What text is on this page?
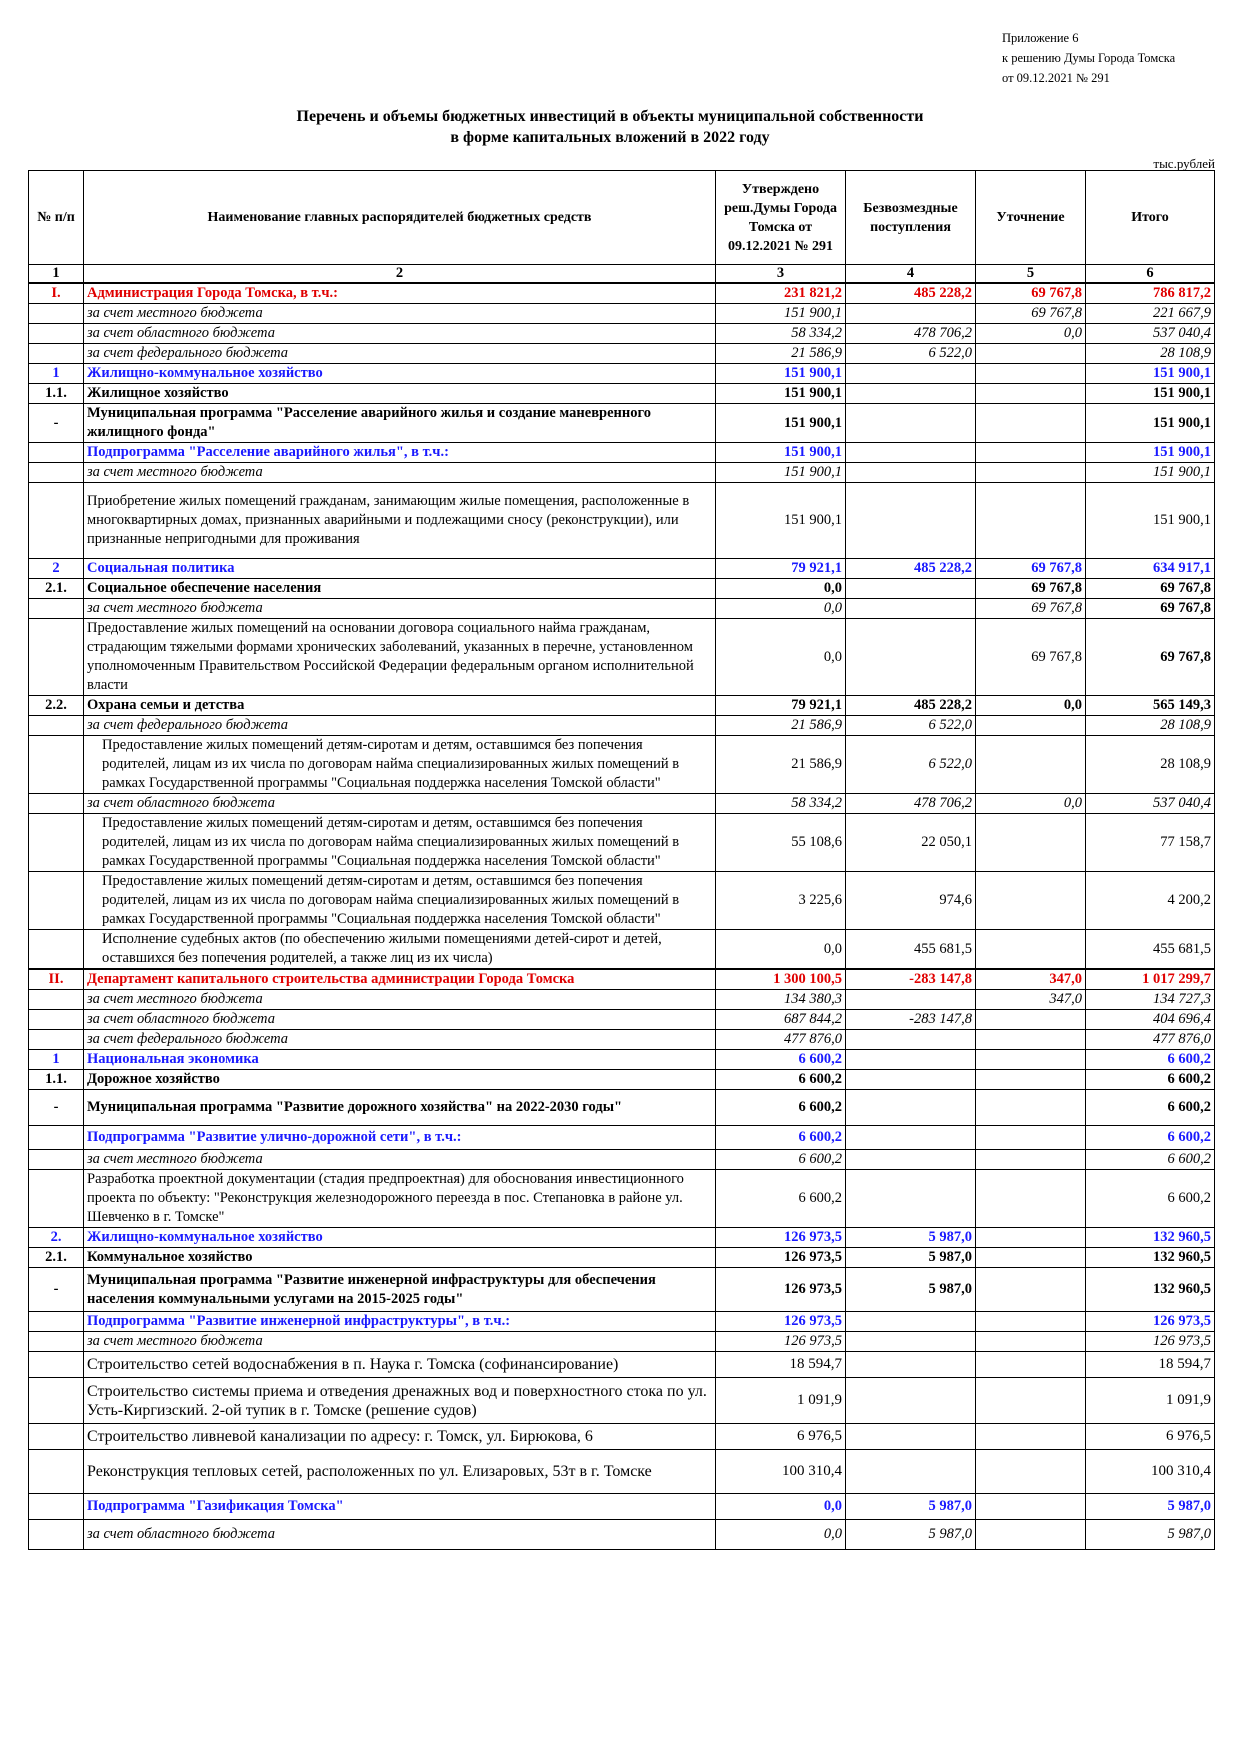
Приложение 6
к решению Думы Города Томска
от 09.12.2021 № 291
Перечень и объемы бюджетных инвестиций в объекты муниципальной собственности
в форме капитальных вложений в 2022 году
тыс.рублей
№ п/п	Наименование главных распорядителей бюджетных средств	Утверждено реш.Думы Города Томска от 09.12.2021 № 291	Безвозмездные поступления	Уточнение	Итого
1	2	3	4	5	6
I.	Администрация Города Томска, в т.ч.:	231 821,2	485 228,2	69 767,8	786 817,2
	за счет местного бюджета	151 900,1		69 767,8	221 667,9
	за счет областного бюджета	58 334,2	478 706,2	0,0	537 040,4
	за счет федерального бюджета	21 586,9	6 522,0		28 108,9
1	Жилищно-коммунальное хозяйство	151 900,1			151 900,1
1.1.	Жилищное хозяйство	151 900,1			151 900,1
-	Муниципальная программа "Расселение аварийного жилья и создание маневренного жилищного фонда"	151 900,1			151 900,1
	Подпрограмма "Расселение аварийного жилья", в т.ч.:	151 900,1			151 900,1
	за счет местного бюджета	151 900,1			151 900,1
	Приобретение жилых помещений гражданам, занимающим жилые помещения, расположенные в многоквартирных домах, признанных аварийными и подлежащими сносу (реконструкции), или признанные непригодными для проживания	151 900,1			151 900,1
2	Социальная политика	79 921,1	485 228,2	69 767,8	634 917,1
2.1.	Социальное обеспечение населения	0,0		69 767,8	69 767,8
	за счет местного бюджета	0,0		69 767,8	69 767,8
	Предоставление жилых помещений на основании договора социального найма гражданам, страдающим тяжелыми формами хронических заболеваний, указанных в перечне, установленном уполномоченным Правительством Российской Федерации федеральным органом исполнительной власти	0,0		69 767,8	69 767,8
2.2.	Охрана семьи и детства	79 921,1	485 228,2	0,0	565 149,3
	за счет федерального бюджета	21 586,9	6 522,0		28 108,9
	Предоставление жилых помещений детям-сиротам и детям, оставшимся без попечения родителей, лицам из их числа по договорам найма специализированных жилых помещений в рамках Государственной программы "Социальная поддержка населения Томской области"	21 586,9	6 522,0		28 108,9
	за счет областного бюджета	58 334,2	478 706,2	0,0	537 040,4
	Предоставление жилых помещений детям-сиротам и детям, оставшимся без попечения родителей, лицам из их числа по договорам найма специализированных жилых помещений в рамках Государственной программы "Социальная поддержка населения Томской области"	55 108,6	22 050,1		77 158,7
	Предоставление жилых помещений детям-сиротам и детям, оставшимся без попечения родителей, лицам из их числа по договорам найма специализированных жилых помещений в рамках Государственной программы "Социальная поддержка населения Томской области"	3 225,6	974,6		4 200,2
	Исполнение судебных актов (по обеспечению жилыми помещениями детей-сирот и детей, оставшихся без попечения родителей, а также лиц из их числа)	0,0	455 681,5		455 681,5
II.	Департамент капитального строительства администрации Города Томска	1 300 100,5	-283 147,8	347,0	1 017 299,7
	за счет местного бюджета	134 380,3		347,0	134 727,3
	за счет областного бюджета	687 844,2	-283 147,8		404 696,4
	за счет федерального бюджета	477 876,0			477 876,0
1	Национальная экономика	6 600,2			6 600,2
1.1.	Дорожное хозяйство	6 600,2			6 600,2
-	Муниципальная программа "Развитие дорожного хозяйства" на 2022-2030 годы"	6 600,2			6 600,2
	Подпрограмма "Развитие улично-дорожной сети", в т.ч.:	6 600,2			6 600,2
	за счет местного бюджета	6 600,2			6 600,2
	Разработка проектной документации (стадия предпроектная) для обоснования инвестиционного проекта по объекту: "Реконструкция железнодорожного переезда в пос. Степановка в районе ул. Шевченко в г. Томске"	6 600,2			6 600,2
2.	Жилищно-коммунальное хозяйство	126 973,5	5 987,0		132 960,5
2.1.	Коммунальное хозяйство	126 973,5	5 987,0		132 960,5
-	Муниципальная программа "Развитие инженерной инфраструктуры для обеспечения населения коммунальными услугами на 2015-2025 годы"	126 973,5	5 987,0		132 960,5
	Подпрограмма "Развитие инженерной инфраструктуры", в т.ч.:	126 973,5			126 973,5
	за счет местного бюджета	126 973,5			126 973,5
	Строительство сетей водоснабжения в п. Наука г. Томска (софинансирование)	18 594,7			18 594,7
	Строительство системы приема и отведения дренажных вод и поверхностного стока по ул. Усть-Киргизский. 2-ой тупик в г. Томске (решение судов)	1 091,9			1 091,9
	Строительство ливневой канализации по адресу: г. Томск, ул. Бирюкова, 6	6 976,5			6 976,5
	Реконструкция тепловых сетей, расположенных по ул. Елизаровых, 53т в г. Томске	100 310,4			100 310,4
	Подпрограмма "Газификация Томска"	0,0	5 987,0		5 987,0
	за счет областного бюджета	0,0	5 987,0		5 987,0
